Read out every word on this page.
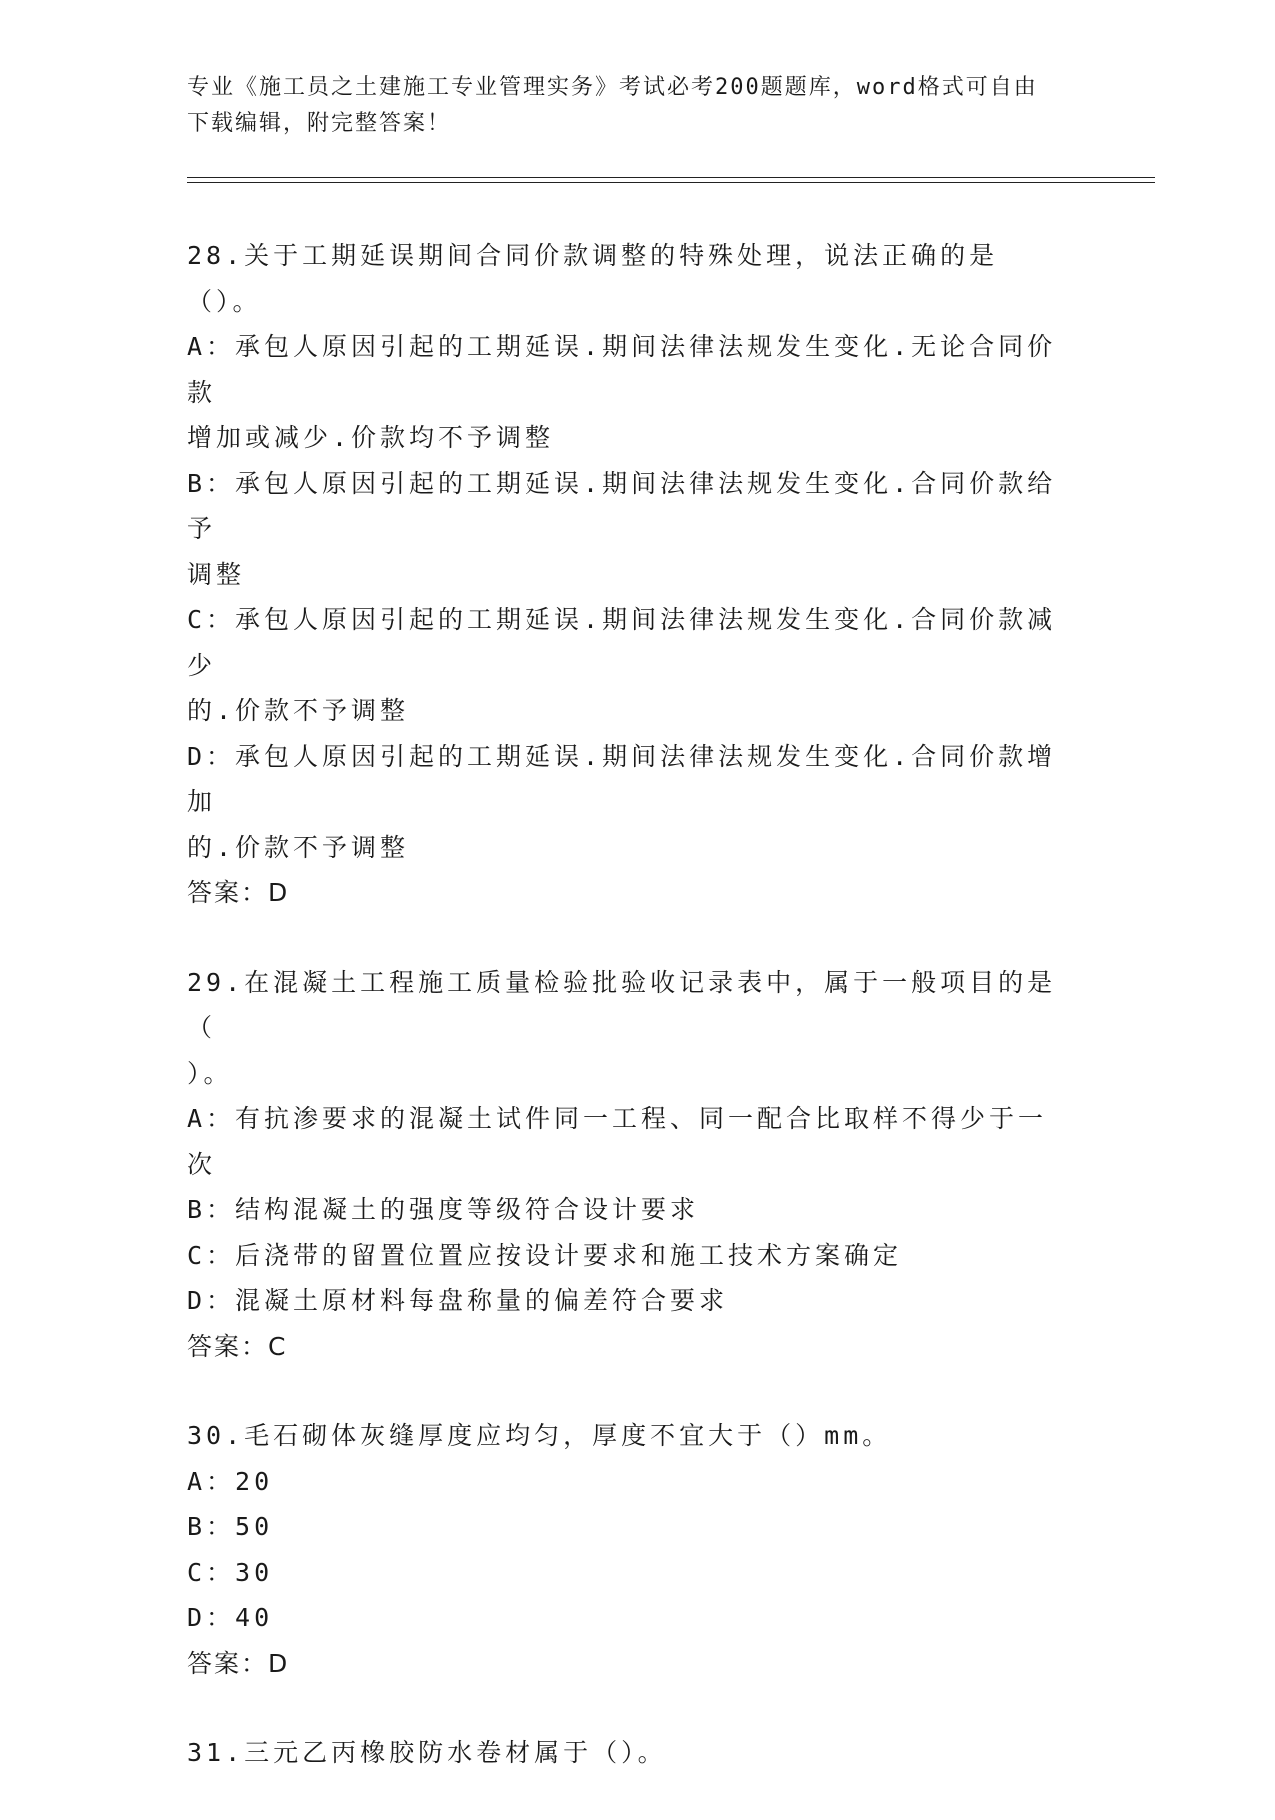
专业《施工员之土建施工专业管理实务》考试必考200题题库，word格式可自由
下载编辑，附完整答案！
28.关于工期延误期间合同价款调整的特殊处理，说法正确的是（）。
A：承包人原因引起的工期延误.期间法律法规发生变化.无论合同价款
增加或减少.价款均不予调整
B：承包人原因引起的工期延误.期间法律法规发生变化.合同价款给予
调整
C：承包人原因引起的工期延误.期间法律法规发生变化.合同价款减少
的.价款不予调整
D：承包人原因引起的工期延误.期间法律法规发生变化.合同价款增加
的.价款不予调整
答案：D
29.在混凝土工程施工质量检验批验收记录表中，属于一般项目的是（
）。
A：有抗渗要求的混凝土试件同一工程、同一配合比取样不得少于一次
B：结构混凝土的强度等级符合设计要求
C：后浇带的留置位置应按设计要求和施工技术方案确定
D：混凝土原材料每盘称量的偏差符合要求
答案：C
30.毛石砌体灰缝厚度应均匀，厚度不宜大于（）mm。
A：20
B：50
C：30
D：40
答案：D
31.三元乙丙橡胶防水卷材属于（）。
